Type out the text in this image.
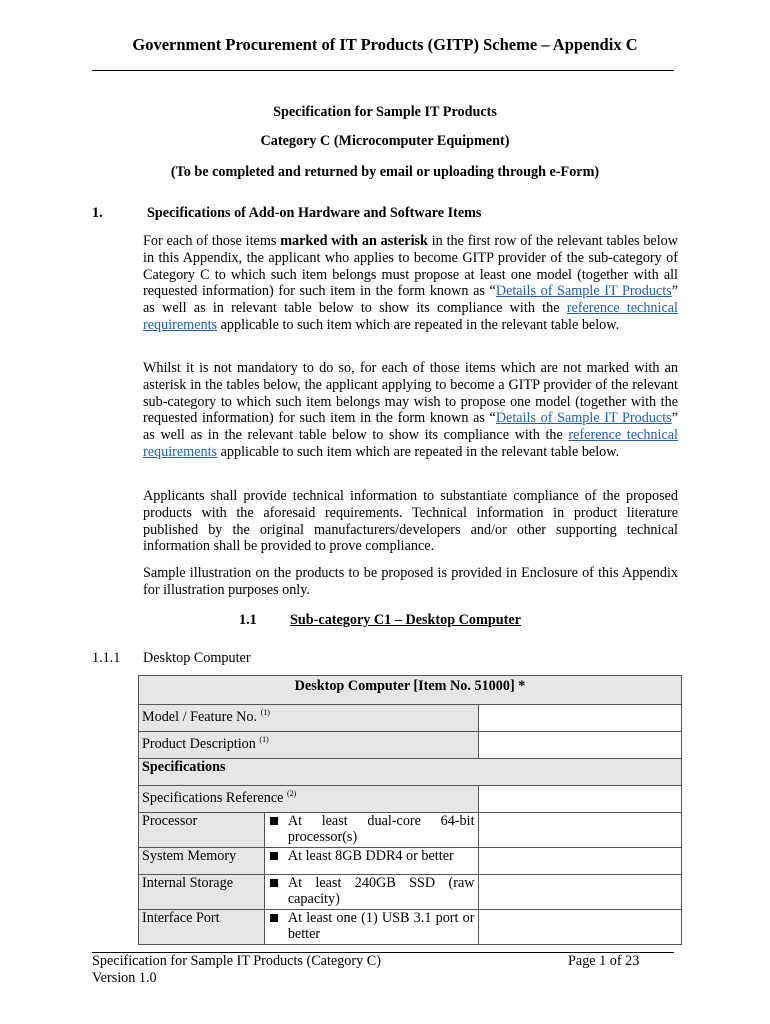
Government Procurement of IT Products (GITP) Scheme – Appendix C
Specification for Sample IT Products
Category C (Microcomputer Equipment)
(To be completed and returned by email or uploading through e-Form)
1.	Specifications of Add-on Hardware and Software Items
For each of those items marked with an asterisk in the first row of the relevant tables below in this Appendix, the applicant who applies to become GITP provider of the sub-category of Category C to which such item belongs must propose at least one model (together with all requested information) for such item in the form known as “Details of Sample IT Products” as well as in relevant table below to show its compliance with the reference technical requirements applicable to such item which are repeated in the relevant table below.
Whilst it is not mandatory to do so, for each of those items which are not marked with an asterisk in the tables below, the applicant applying to become a GITP provider of the relevant sub-category to which such item belongs may wish to propose one model (together with the requested information) for such item in the form known as “Details of Sample IT Products” as well as in the relevant table below to show its compliance with the reference technical requirements applicable to such item which are repeated in the relevant table below.
Applicants shall provide technical information to substantiate compliance of the proposed products with the aforesaid requirements. Technical information in product literature published by the original manufacturers/developers and/or other supporting technical information shall be provided to prove compliance.
Sample illustration on the products to be proposed is provided in Enclosure of this Appendix for illustration purposes only.
1.1 Sub-category C1 – Desktop Computer
1.1.1 Desktop Computer
Desktop Computer [Item No. 51000] *		
Model / Feature No. $^{(1)}$	
Product Description $^{(1)}$	
Specifications		
Specifications Reference $^{(2)}$	
Processor	At least dual-core 64-bit processor(s)	

System Memory	At least 8GB DDR4 or better	

Internal Storage	At least 240GB SSD (raw capacity)	

Interface Port	At least one (1) USB 3.1 port or better	

Specification for Sample IT Products (Category C)
Version 1.0
Page 1 of 23
